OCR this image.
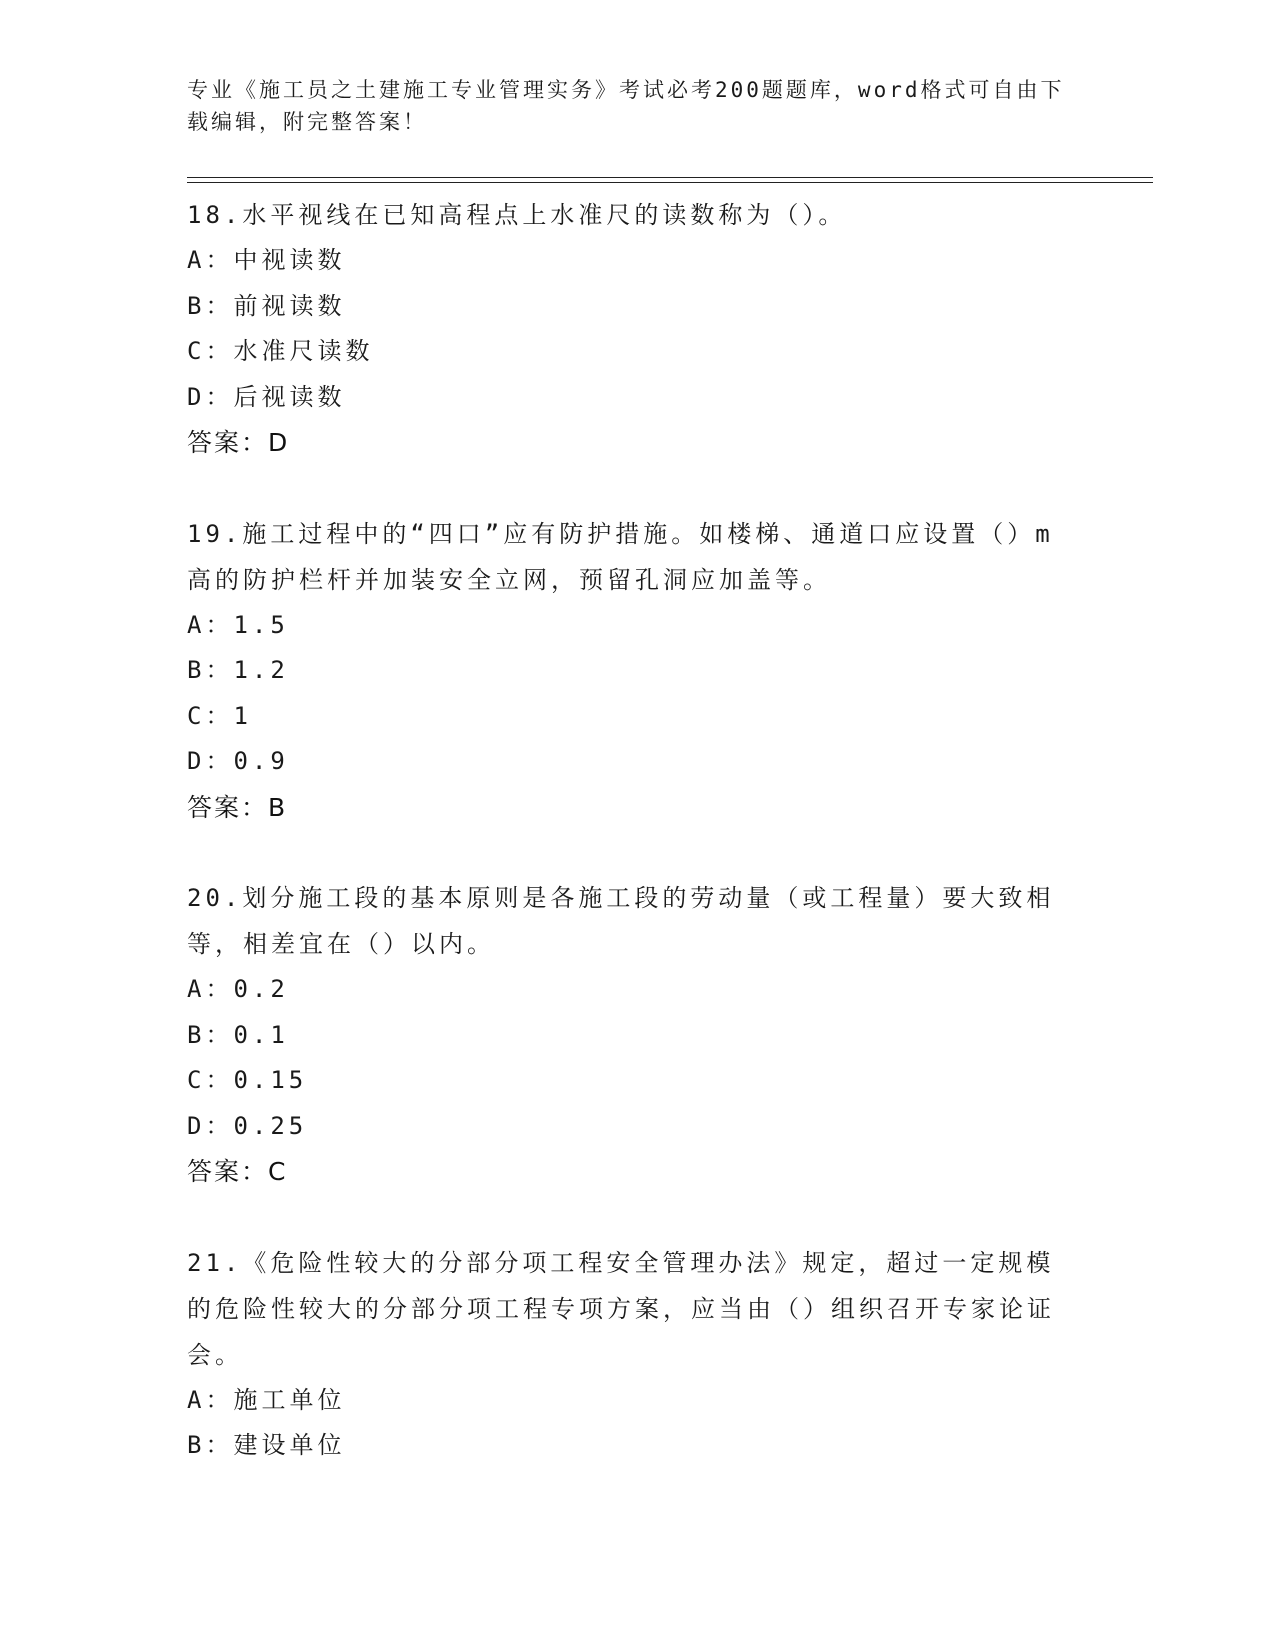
专业《施工员之土建施工专业管理实务》考试必考200题题库，word格式可自由下载编辑，附完整答案！
18.水平视线在已知高程点上水准尺的读数称为（）。
A：中视读数
B：前视读数
C：水准尺读数
D：后视读数
答案：D
19.施工过程中的“四口”应有防护措施。如楼梯、通道口应设置（）m高的防护栏杆并加装安全立网，预留孔洞应加盖等。
A：1.5
B：1.2
C：1
D：0.9
答案：B
20.划分施工段的基本原则是各施工段的劳动量（或工程量）要大致相等，相差宜在（）以内。
A：0.2
B：0.1
C：0.15
D：0.25
答案：C
21.《危险性较大的分部分项工程安全管理办法》规定，超过一定规模的危险性较大的分部分项工程专项方案，应当由（）组织召开专家论证会。
A：施工单位
B：建设单位
